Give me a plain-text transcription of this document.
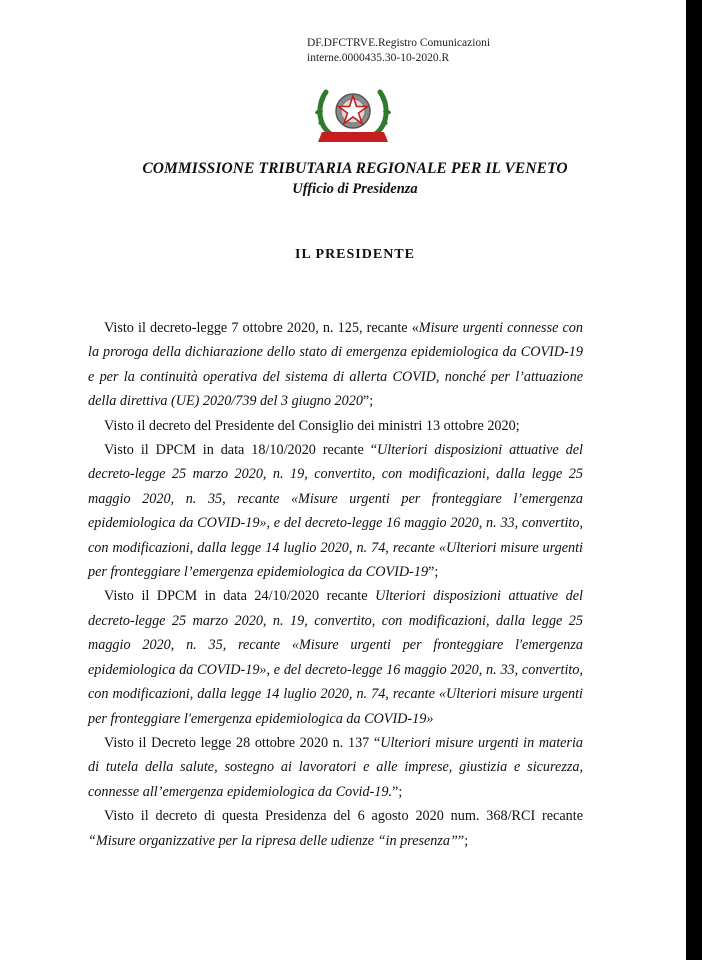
DF.DFCTRVE.Registro Comunicazioni
interne.0000435.30-10-2020.R
COMMISSIONE TRIBUTARIA REGIONALE PER IL VENETO
Ufficio di Presidenza
IL PRESIDENTE

Visto il decreto-legge 7 ottobre 2020, n. 125, recante «Misure urgenti connesse con la proroga della dichiarazione dello stato di emergenza epidemiologica da COVID-19 e per la continuità operativa del sistema di allerta COVID, nonché per l’attuazione della direttiva (UE) 2020/739 del 3 giugno 2020”;

Visto il decreto del Presidente del Consiglio dei ministri 13 ottobre 2020;

Visto il DPCM in data 18/10/2020 recante “Ulteriori disposizioni attuative del decreto-legge 25 marzo 2020, n. 19, convertito, con modificazioni, dalla legge 25 maggio 2020, n. 35, recante «Misure urgenti per fronteggiare l’emergenza epidemiologica da COVID-19», e del decreto-legge 16 maggio 2020, n. 33, convertito, con modificazioni, dalla legge 14 luglio 2020, n. 74, recante «Ulteriori misure urgenti per fronteggiare l’emergenza epidemiologica da COVID-19”;

Visto il DPCM in data 24/10/2020 recante Ulteriori disposizioni attuative del decreto-legge 25 marzo 2020, n. 19, convertito, con modificazioni, dalla legge 25 maggio 2020, n. 35, recante «Misure urgenti per fronteggiare l'emergenza epidemiologica da COVID-19», e del decreto-legge 16 maggio 2020, n. 33, convertito, con modificazioni, dalla legge 14 luglio 2020, n. 74, recante «Ulteriori misure urgenti per fronteggiare l'emergenza epidemiologica da COVID-19»

Visto il Decreto legge 28 ottobre 2020 n. 137 “Ulteriori misure urgenti in materia di tutela della salute, sostegno ai lavoratori e alle imprese, giustizia e sicurezza, connesse all’emergenza epidemiologica da Covid-19.”;

Visto il decreto di questa Presidenza del 6 agosto 2020 num. 368/RCI recante “Misure organizzative per la ripresa delle udienze “in presenza””;
